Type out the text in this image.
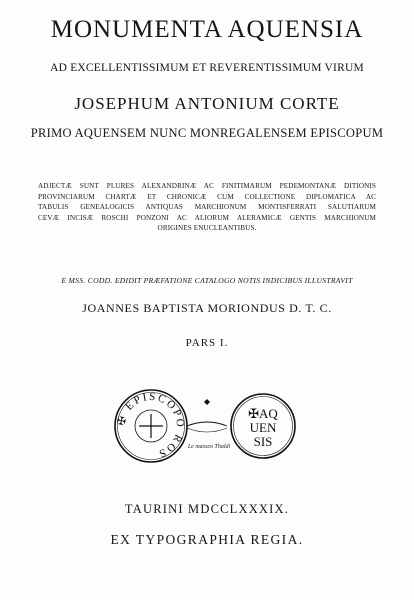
MONUMENTA AQUENSIA
AD EXCELLENTISSIMUM ET REVERENTISSIMUM VIRUM
JOSEPHUM ANTONIUM CORTE
PRIMO AQUENSEM NUNC MONREGALENSEM EPISCOPUM
ADJECTÆ SUNT PLURES ALEXANDRINÆ AC FINITIMARUM PEDEMONTANÆ DITIONIS
PROVINCIARUM CHARTÆ ET CHRONICÆ CUM COLLECTIONE DIPLOMATICA AC
TABULIS GENEALOGICIS ANTIQUAS MARCHIONUM MONTISFERRATI SALUTIARUM
CEVÆ INCISÆ ROSCHI PONZONI AC ALIORUM ALERAMICÆ GENTIS MARCHIONUM
ORIGINES ENUCLEANTIBUS.
E MSS. CODD. EDIDIT PRÆFATIONE CATALOGO NOTIS INDICIBUS ILLUSTRAVIT
JOANNES BAPTISTA MORIONDUS D. T. C.
PARS I.
✠ EPISCOPO ROS
✠AQ
UEN
SIS
Le masseo Thaldi
TAURINI MDCCLXXXIX.
EX TYPOGRAPHIA REGIA.
